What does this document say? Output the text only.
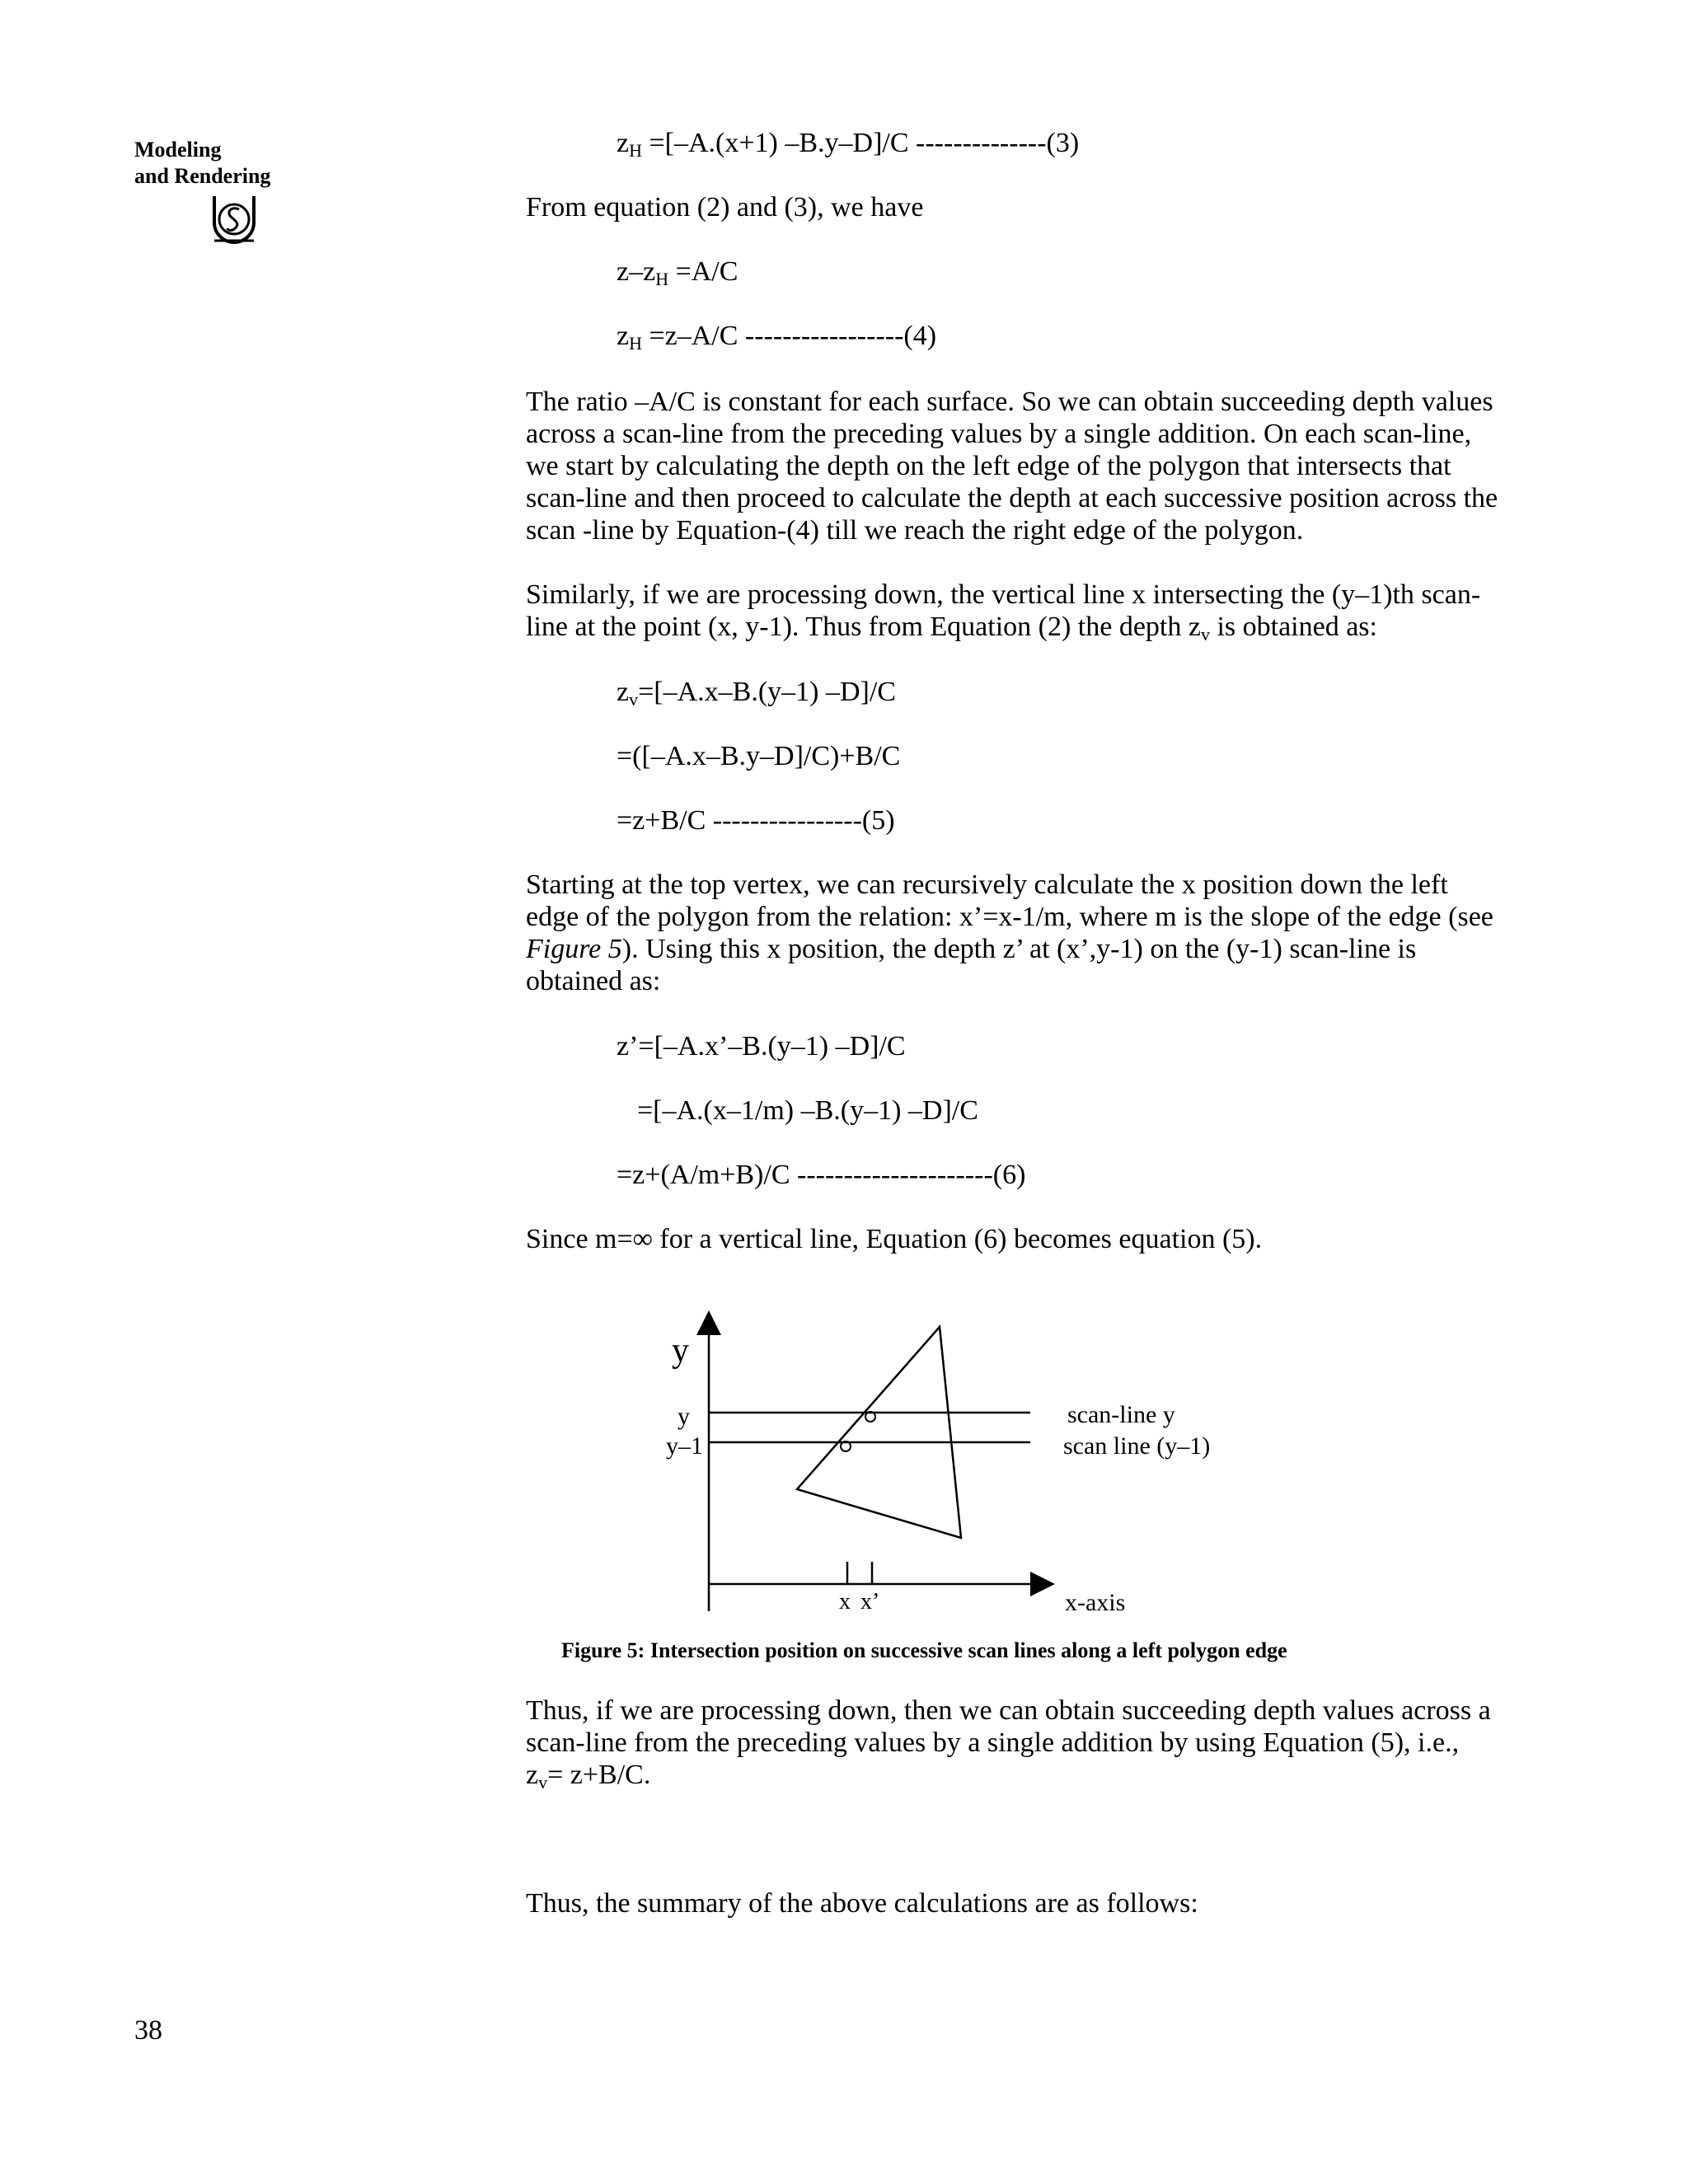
Modeling
and Rendering
$z_H =[-A.(x+1)$ –B.y–D]/C --------------(3)
From equation (2) and (3), we have
$z-z_H =A/C$
$z_H =z-A/C$ -----------------(4)
The ratio –A/C is constant for each surface. So we can obtain succeeding depth values
across a scan-line from the preceding values by a single addition. On each scan-line,
we start by calculating the depth on the left edge of the polygon that intersects that
scan-line and then proceed to calculate the depth at each successive position across the
scan -line by Equation-(4) till we reach the right edge of the polygon.
Similarly, if we are processing down, the vertical line x intersecting the (y–1)th scan-
line at the point (x, y-1). Thus from Equation (2) the depth $z_v$ is obtained as:
$z_v=[-A.x-B.(y-1)$ –D]/C
=([–A.x–B.y–D]/C)+B/C
=z+B/C ----------------(5)
Starting at the top vertex, we can recursively calculate the x position down the left
edge of the polygon from the relation: x’=x-1/m, where m is the slope of the edge (see
Figure 5). Using this x position, the depth z’ at (x’,y-1) on the (y-1) scan-line is
obtained as:
z’=[–A.x’–B.(y–1) –D]/C
=[–A.(x–1/m) –B.(y–1) –D]/C
=z+(A/m+B)/C ---------------------(6)
Since m=∞ for a vertical line, Equation (6) becomes equation (5).
y
y
y–1
scan-line y
scan line (y–1)
x x’	x-axis
Figure 5: Intersection position on successive scan lines along a left polygon edge
Thus, if we are processing down, then we can obtain succeeding depth values across a
scan-line from the preceding values by a single addition by using Equation (5), i.e.,
$z_v= z+B/C$.
Thus, the summary of the above calculations are as follows:
38
